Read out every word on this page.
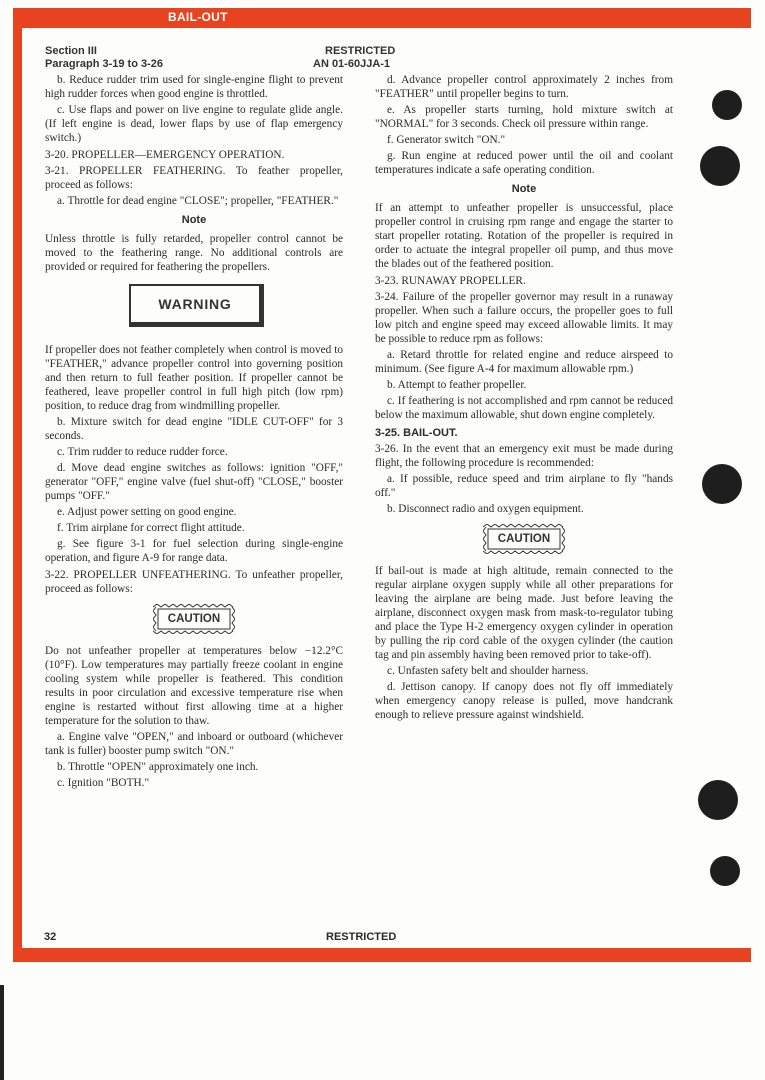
BAIL-OUT
Section III
Paragraph 3-19 to 3-26
RESTRICTED
AN 01-60JJA-1

b. Reduce rudder trim used for single-engine flight to prevent high rudder forces when good engine is throttled.

c. Use flaps and power on live engine to regulate glide angle. (If left engine is dead, lower flaps by use of flap emergency switch.)

3-20. PROPELLER—EMERGENCY OPERATION.

3-21. PROPELLER FEATHERING. To feather propeller, proceed as follows:

a. Throttle for dead engine "CLOSE"; propeller, "FEATHER."

Note

Unless throttle is fully retarded, propeller control cannot be moved to the feathering range. No additional controls are provided or required for feathering the propellers.

WARNING

If propeller does not feather completely when control is moved to "FEATHER," advance propeller control into governing position and then return to full feather position. If propeller cannot be feathered, leave propeller control in full high pitch (low rpm) position, to reduce drag from windmilling propeller.

b. Mixture switch for dead engine "IDLE CUT-OFF" for 3 seconds.

c. Trim rudder to reduce rudder force.

d. Move dead engine switches as follows: ignition "OFF," generator "OFF," engine valve (fuel shut-off) "CLOSE," booster pumps "OFF."

e. Adjust power setting on good engine.

f. Trim airplane for correct flight attitude.

g. See figure 3-1 for fuel selection during single-engine operation, and figure A-9 for range data.

3-22. PROPELLER UNFEATHERING. To unfeather propeller, proceed as follows:

CAUTION

Do not unfeather propeller at temperatures below −12.2°C (10°F). Low temperatures may partially freeze coolant in engine cooling system while propeller is feathered. This condition results in poor circulation and excessive temperature rise when engine is restarted without first allowing time at a higher temperature for the solution to thaw.

a. Engine valve "OPEN," and inboard or outboard (whichever tank is fuller) booster pump switch "ON."

b. Throttle "OPEN" approximately one inch.

c. Ignition "BOTH."

d. Advance propeller control approximately 2 inches from "FEATHER" until propeller begins to turn.

e. As propeller starts turning, hold mixture switch at "NORMAL" for 3 seconds. Check oil pressure within range.

f. Generator switch "ON."

g. Run engine at reduced power until the oil and coolant temperatures indicate a safe operating condition.

Note

If an attempt to unfeather propeller is unsuccessful, place propeller control in cruising rpm range and engage the starter to start propeller rotating. Rotation of the propeller is required in order to actuate the integral propeller oil pump, and thus move the blades out of the feathered position.

3-23. RUNAWAY PROPELLER.

3-24. Failure of the propeller governor may result in a runaway propeller. When such a failure occurs, the propeller goes to full low pitch and engine speed may exceed allowable limits. It may be possible to reduce rpm as follows:

a. Retard throttle for related engine and reduce airspeed to minimum. (See figure A-4 for maximum allowable rpm.)

b. Attempt to feather propeller.

c. If feathering is not accomplished and rpm cannot be reduced below the maximum allowable, shut down engine completely.

3-25. BAIL-OUT.

3-26. In the event that an emergency exit must be made during flight, the following procedure is recommended:

a. If possible, reduce speed and trim airplane to fly "hands off."

b. Disconnect radio and oxygen equipment.

CAUTION

If bail-out is made at high altitude, remain connected to the regular airplane oxygen supply while all other preparations for leaving the airplane are being made. Just before leaving the airplane, disconnect oxygen mask from mask-to-regulator tubing and place the Type H-2 emergency oxygen cylinder in operation by pulling the rip cord cable of the oxygen cylinder (the caution tag and pin assembly having been removed prior to take-off).

c. Unfasten safety belt and shoulder harness.

d. Jettison canopy. If canopy does not fly off immediately when emergency canopy release is pulled, move handcrank enough to relieve pressure against windshield.

32	RESTRICTED
